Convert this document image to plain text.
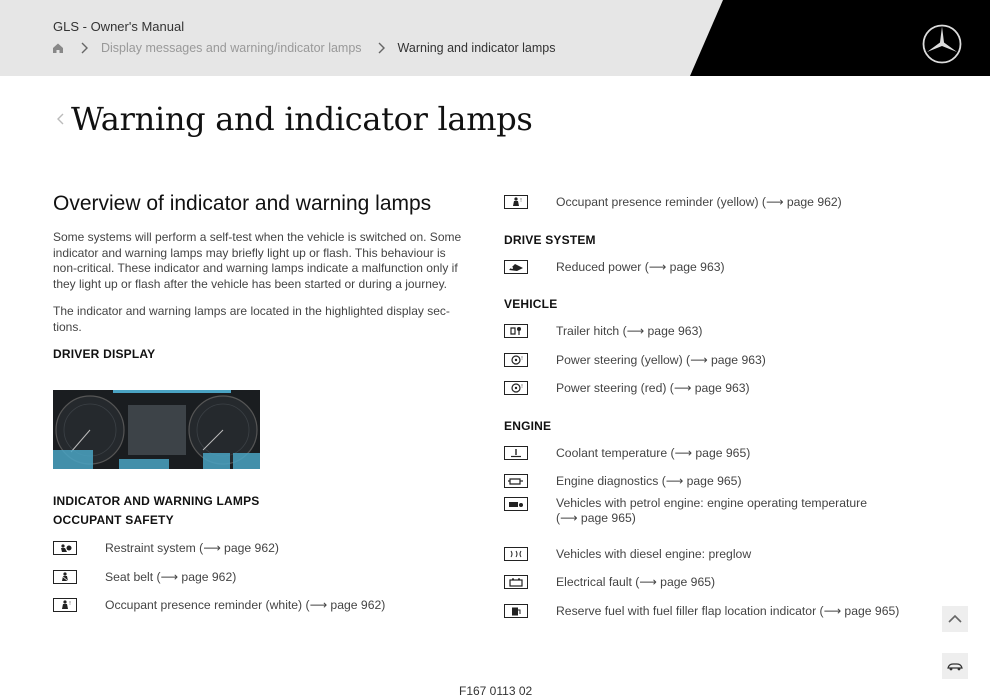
GLS - Owner's Manual
Display messages and warning/indicator lamps	Warning and indicator lamps
Warning and indicator lamps
Overview of indicator and warning lamps

Some systems will perform a self-test when the vehicle is switched on. Some indicator and warning lamps may briefly light up or flash. This behaviour is non-critical. These indicator and warning lamps indicate a malfunction only if they light up or flash after the vehicle has been started or during a journey.

The indicator and warning lamps are located in the highlighted display sec- tions.

DRIVER DISPLAY
INDICATOR AND WARNING LAMPS
OCCUPANT SAFETY
Restraint system (⟶ page 962)
Seat belt (⟶ page 962)
!	Occupant presence reminder (white) (⟶ page 962)
!	Occupant presence reminder (yellow) (⟶ page 962)
DRIVE SYSTEM
Reduced power (⟶ page 963)
VEHICLE
Trailer hitch (⟶ page 963)
!	Power steering (yellow) (⟶ page 963)
!	Power steering (red) (⟶ page 963)
ENGINE
Coolant temperature (⟶ page 965)
Engine diagnostics (⟶ page 965)
Vehicles with petrol engine: engine operating temperature
(⟶ page 965)
Vehicles with diesel engine: preglow
Electrical fault (⟶ page 965)
Reserve fuel with fuel filler flap location indicator (⟶ page 965)
F167 0113 02
